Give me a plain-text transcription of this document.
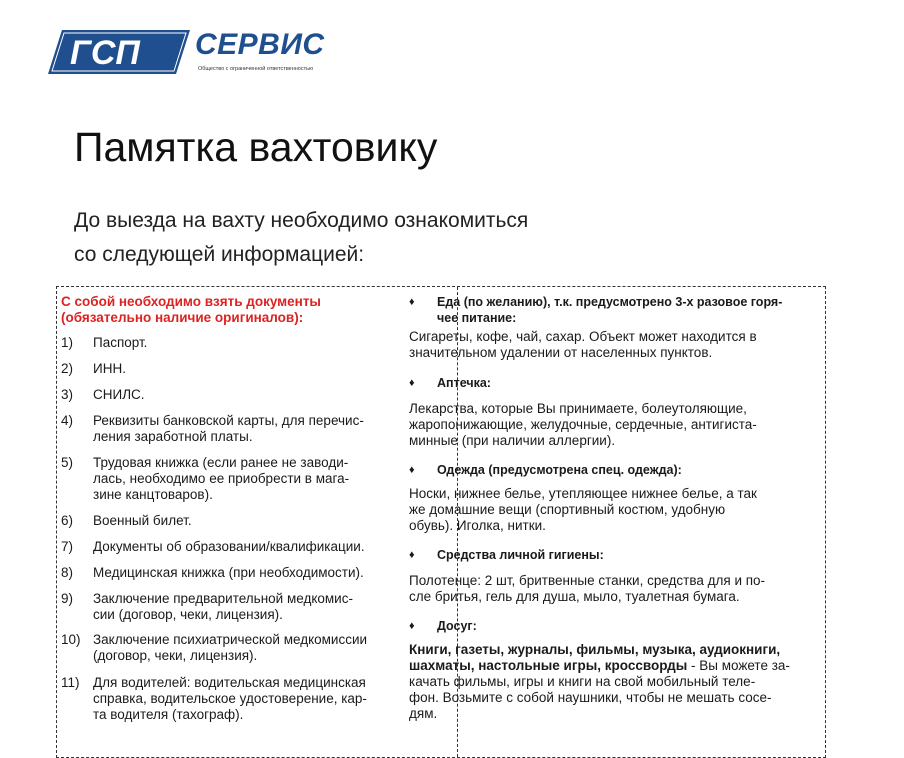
ГСП СЕРВИС
Общество с ограниченной ответственностью
Памятка вахтовику
До выезда на вахту необходимо ознакомиться
со следующей информацией:
С собой необходимо взять документы
(обязательно наличие оригиналов):
1) Паспорт.
2) ИНН.
3) СНИЛС.
4) Реквизиты банковской карты, для перечис-
ления заработной платы.
5) Трудовая книжка (если ранее не заводи-
лась, необходимо ее приобрести в мага-
зине канцтоваров).
6) Военный билет.
7) Документы об образовании/квалификации.
8) Медицинская книжка (при необходимости).
9) Заключение предварительной медкомис-
сии (договор, чеки, лицензия).
10) Заключение психиатрической медкомиссии
(договор, чеки, лицензия).
11) Для водителей: водительская медицинская
справка, водительское удостоверение, кар-
та водителя (тахограф).
♦ Еда (по желанию), т.к. предусмотрено 3-х разовое горя-
чее питание:
Сигареты, кофе, чай, сахар. Объект может находится в
значительном удалении от населенных пунктов.
♦ Аптечка:
Лекарства, которые Вы принимаете, болеутоляющие,
жаропонижающие, желудочные, сердечные, антигиста-
минные (при наличии аллергии).
♦ Одежда (предусмотрена спец. одежда):
Носки, нижнее белье, утепляющее нижнее белье, а так
же домашние вещи (спортивный костюм, удобную
обувь). Иголка, нитки.
♦ Средства личной гигиены:
Полотенце: 2 шт, бритвенные станки, средства для и по-
сле бритья, гель для душа, мыло, туалетная бумага.
♦ Досуг:
Книги, газеты, журналы, фильмы, музыка, аудиокниги,
шахматы, настольные игры, кроссворды - Вы можете за-
качать фильмы, игры и книги на свой мобильный теле-
фон. Возьмите с собой наушники, чтобы не мешать сосе-
дям.
